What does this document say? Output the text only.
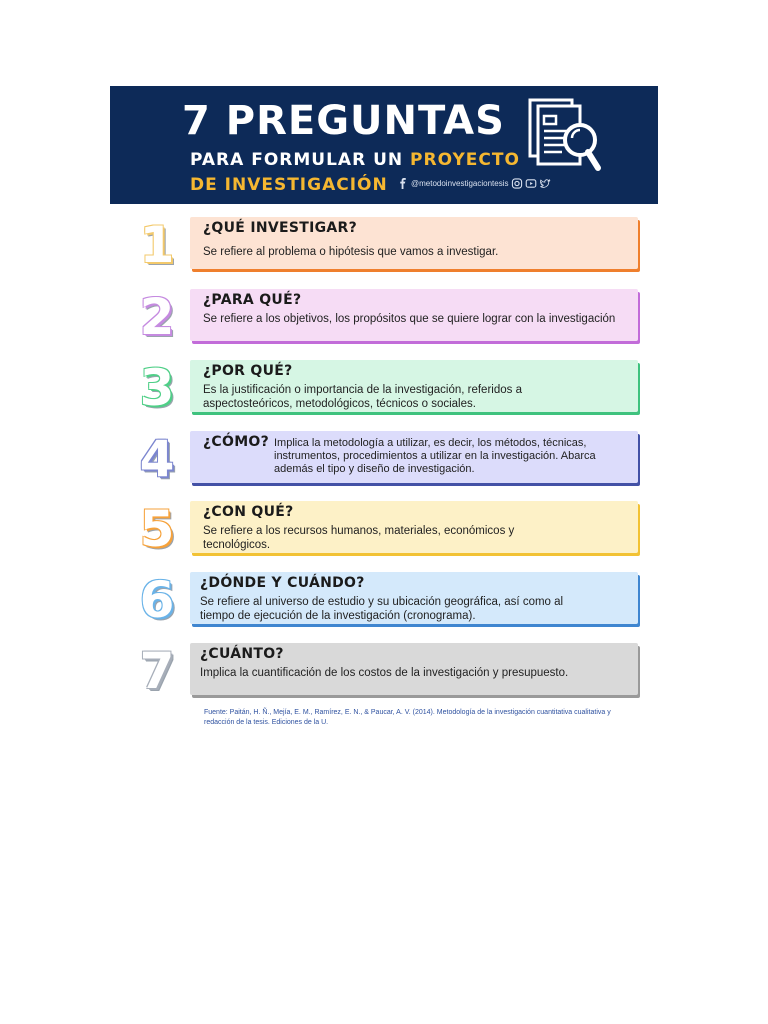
7 PREGUNTAS
PARA FORMULAR UN PROYECTO
DE INVESTIGACIÓN	@metodoinvestigaciontesis
1 ¿QUÉ INVESTIGAR?
Se refiere al problema o hipótesis que vamos a investigar.
2 ¿PARA QUÉ?
Se refiere a los objetivos, los propósitos que se quiere lograr con la investigación
3 ¿POR QUÉ?
Es la justificación o importancia de la investigación, referidos a aspectosteóricos, metodológicos, técnicos o sociales.
4 ¿CÓMO? Implica la metodología a utilizar, es decir, los métodos, técnicas, instrumentos, procedimientos a utilizar en la investigación. Abarca además el tipo y diseño de investigación.
5 ¿CON QUÉ?
Se refiere a los recursos humanos, materiales, económicos y tecnológicos.
6 ¿DÓNDE Y CUÁNDO?
Se refiere al universo de estudio y su ubicación geográfica, así como al tiempo de ejecución de la investigación (cronograma).
7 ¿CUÁNTO?
Implica la cuantificación de los costos de la investigación y presupuesto.
Fuente: Paitán, H. Ñ., Mejía, E. M., Ramírez, E. N., & Paucar, A. V. (2014). Metodología de la investigación cuantitativa cualitativa y redacción de la tesis. Ediciones de la U.
